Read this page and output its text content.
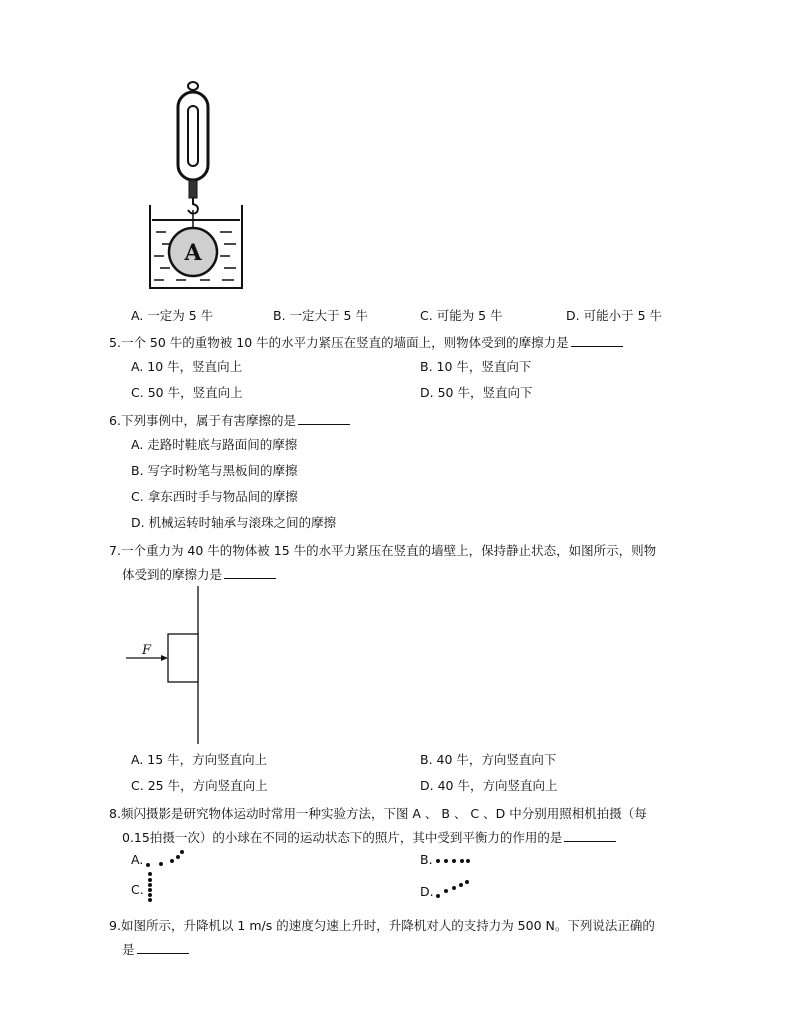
A
A. 一定为 5 牛	B. 一定大于 5 牛	C. 可能为 5 牛	D. 可能小于 5 牛
5.一个 50 牛的重物被 10 牛的水平力紧压在竖直的墙面上，则物体受到的摩擦力是
A. 10 牛，竖直向上	B. 10 牛，竖直向下
C. 50 牛，竖直向上	D. 50 牛，竖直向下
6.下列事例中，属于有害摩擦的是
A. 走路时鞋底与路面间的摩擦
B. 写字时粉笔与黑板间的摩擦
C. 拿东西时手与物品间的摩擦
D. 机械运转时轴承与滚珠之间的摩擦
7.一个重力为 40 牛的物体被 15 牛的水平力紧压在竖直的墙壁上，保持静止状态，如图所示，则物
体受到的摩擦力是
F
A. 15 牛，方向竖直向上	B. 40 牛，方向竖直向下
C. 25 牛，方向竖直向上	D. 40 牛，方向竖直向上
8.频闪摄影是研究物体运动时常用一种实验方法，下图 A 、 B 、 C 、D 中分别用照相机拍摄（每
0.15拍摄一次）的小球在不同的运动状态下的照片，其中受到平衡力的作用的是
A.	B.
C.	D.
9.如图所示，升降机以 1 m/s 的速度匀速上升时，升降机对人的支持力为 500 N。下列说法正确的
是
